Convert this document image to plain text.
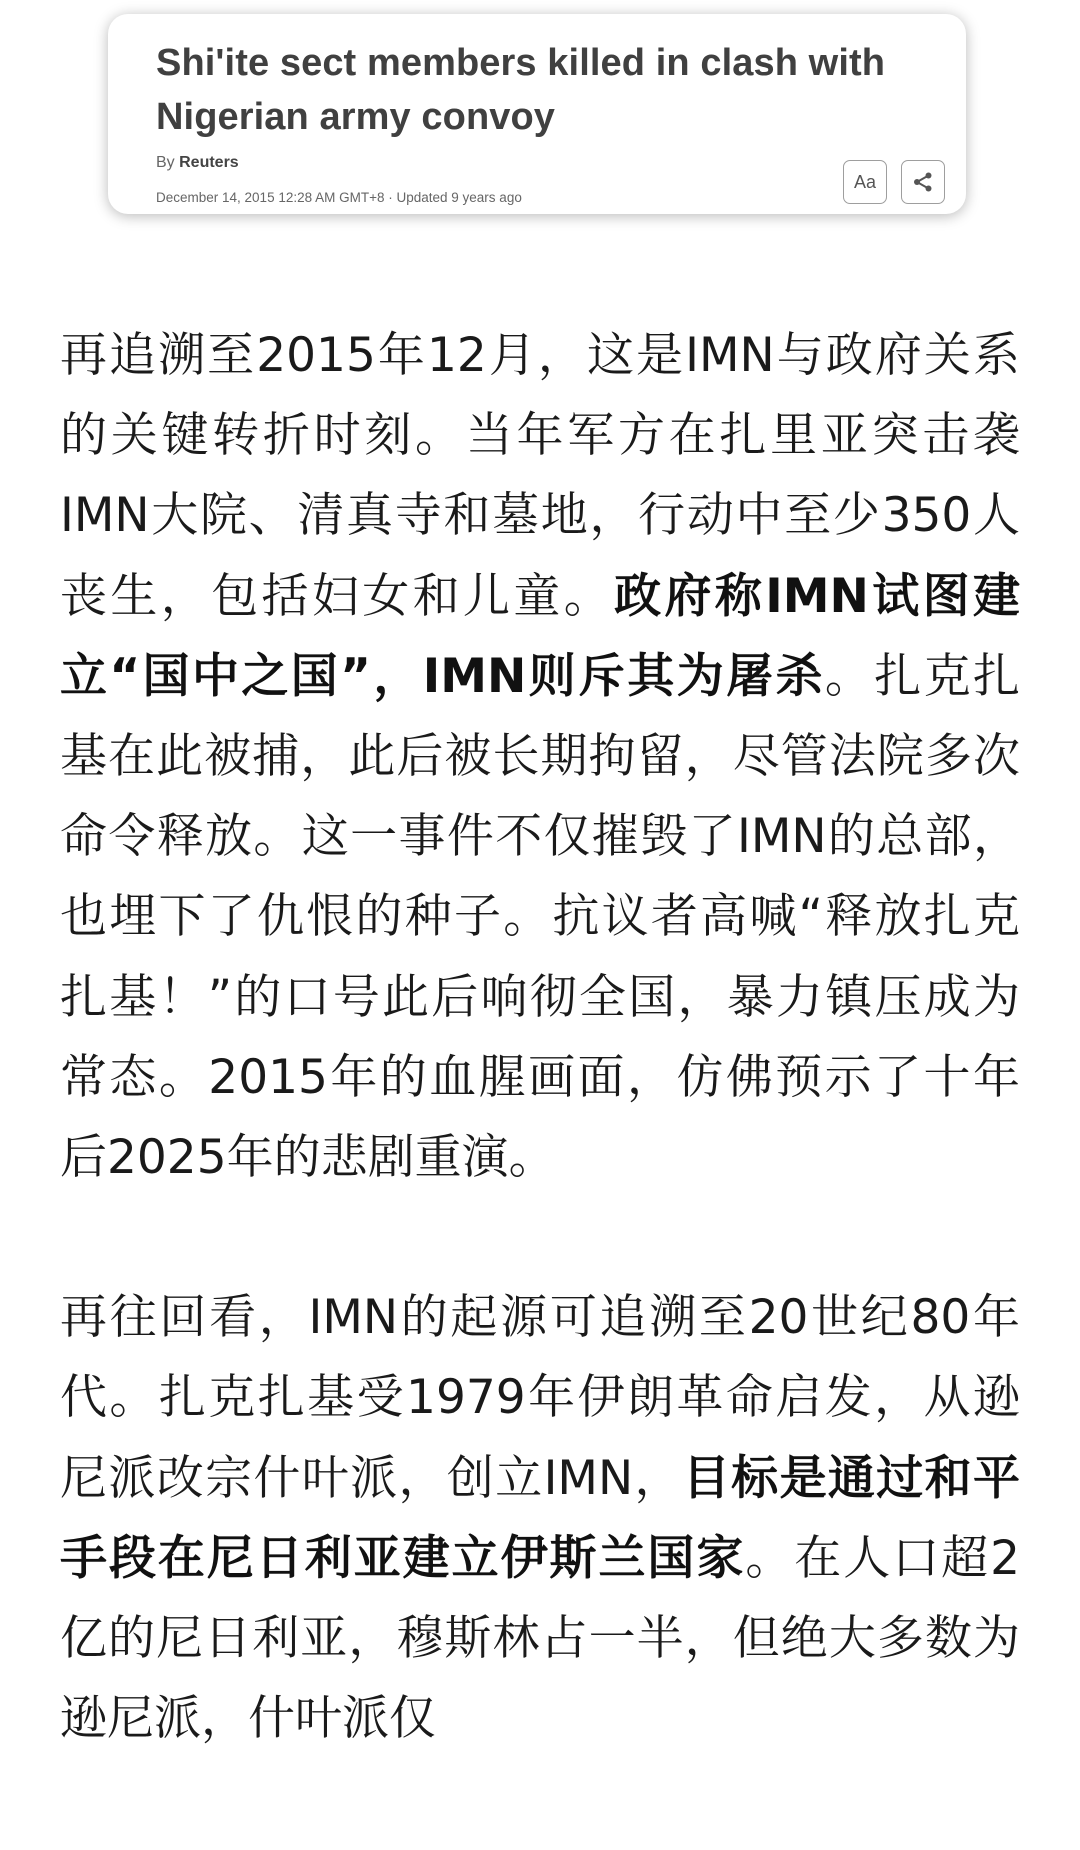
Shi'ite sect members killed in clash with Nigerian army convoy
By Reuters
December 14, 2015 12:28 AM GMT+8 · Updated 9 years ago
Aa

再追溯至2015年12月，这是IMN与政府关系的关键转折时刻。当年军方在扎里亚突击袭IMN大院、清真寺和墓地，行动中至少350人丧生，包括妇女和儿童。政府称IMN试图建立“国中之国”，IMN则斥其为屠杀。扎克扎基在此被捕，此后被长期拘留，尽管法院多次命令释放。这一事件不仅摧毁了IMN的总部，也埋下了仇恨的种子。抗议者高喊“释放扎克扎基！”的口号此后响彻全国，暴力镇压成为常态。2015年的血腥画面，仿佛预示了十年后2025年的悲剧重演。

再往回看，IMN的起源可追溯至20世纪80年代。扎克扎基受1979年伊朗革命启发，从逊尼派改宗什叶派，创立IMN，目标是通过和平手段在尼日利亚建立伊斯兰国家。在人口超2亿的尼日利亚，穆斯林占一半，但绝大多数为逊尼派，什叶派仅
